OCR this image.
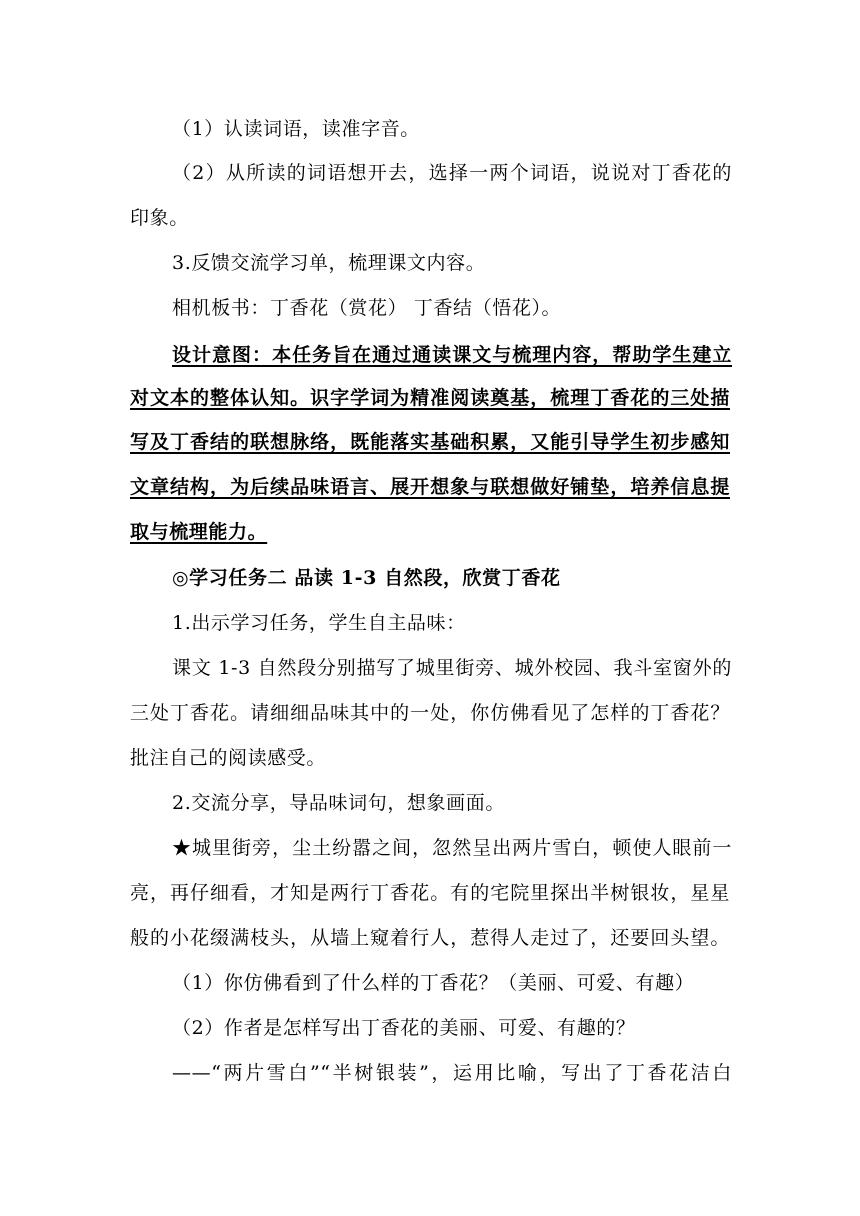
（1）认读词语，读准字音。
（2）从所读的词语想开去，选择一两个词语，说说对丁香花的
印象。
3.反馈交流学习单，梳理课文内容。
相机板书：丁香花（赏花） 丁香结（悟花）。
设计意图：本任务旨在通过通读课文与梳理内容，帮助学生建立
对文本的整体认知。识字学词为精准阅读奠基，梳理丁香花的三处描
写及丁香结的联想脉络，既能落实基础积累，又能引导学生初步感知
文章结构，为后续品味语言、展开想象与联想做好铺垫，培养信息提
取与梳理能力。
◎学习任务二 品读 1-3 自然段，欣赏丁香花
1.出示学习任务，学生自主品味：
课文 1-3 自然段分别描写了城里街旁、城外校园、我斗室窗外的
三处丁香花。请细细品味其中的一处，你仿佛看见了怎样的丁香花？
批注自己的阅读感受。
2.交流分享，导品味词句，想象画面。
★城里街旁，尘土纷嚣之间，忽然呈出两片雪白，顿使人眼前一
亮，再仔细看，才知是两行丁香花。有的宅院里探出半树银妆，星星
般的小花缀满枝头，从墙上窥着行人，惹得人走过了，还要回头望。
（1）你仿佛看到了什么样的丁香花？（美丽、可爱、有趣）
（2）作者是怎样写出丁香花的美丽、可爱、有趣的？
——“两片雪白”“半树银装”，运用比喻，写出了丁香花洁白
